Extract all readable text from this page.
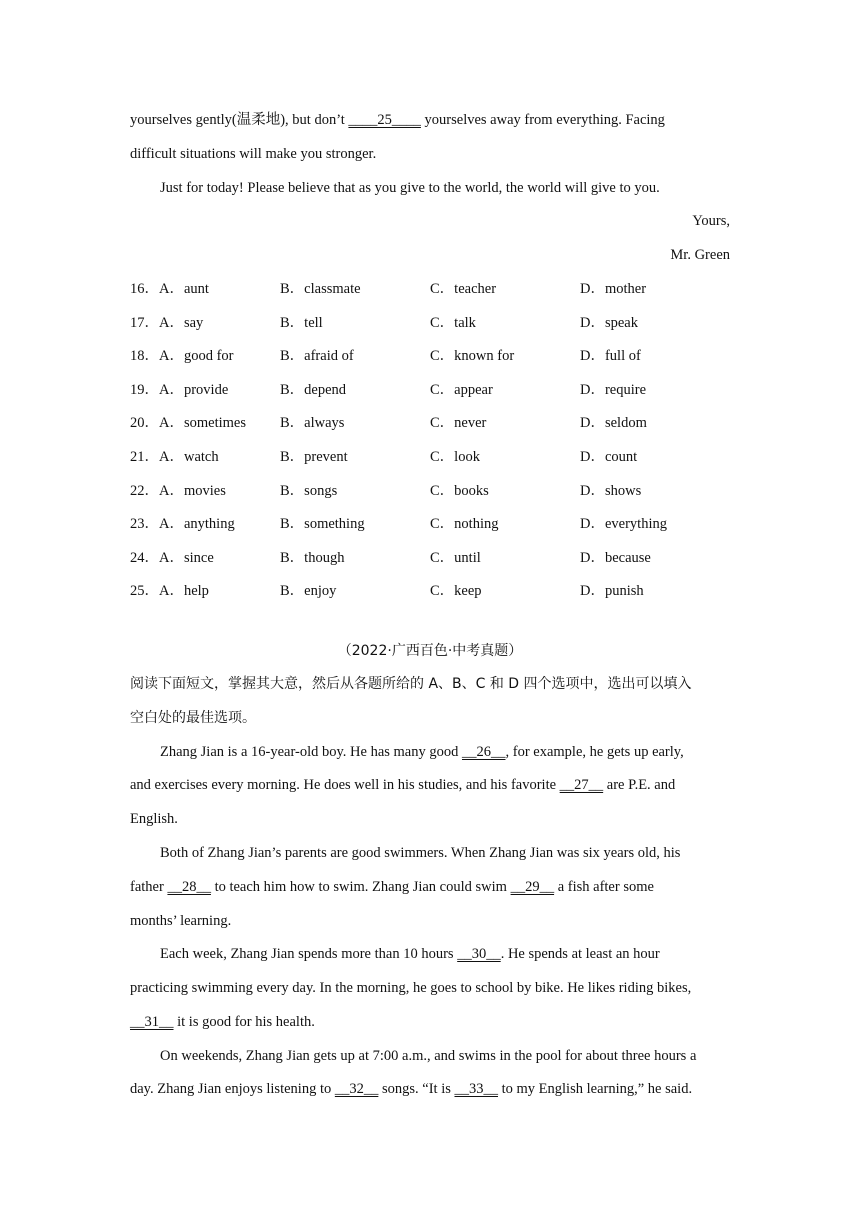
yourselves gently(温柔地), but don’t ____25____ yourselves away from everything. Facing
difficult situations will make you stronger.
Just for today! Please believe that as you give to the world, the world will give to you.
Yours,
Mr. Green
16．A．aunt	B．classmate	C．teacher	D．mother
17．A．say	B．tell	C．talk	D．speak
18．A．good for	B．afraid of	C．known for	D．full of
19．A．provide	B．depend	C．appear	D．require
20．A．sometimes	B．always	C．never	D．seldom
21．A．watch	B．prevent	C．look	D．count
22．A．movies	B．songs	C．books	D．shows
23．A．anything	B．something	C．nothing	D．everything
24．A．since	B．though	C．until	D．because
25．A．help	B．enjoy	C．keep	D．punish
（2022·广西百色·中考真题）
阅读下面短文，掌握其大意，然后从各题所给的 A、B、C 和 D 四个选项中，选出可以填入
空白处的最佳选项。
Zhang Jian is a 16-year-old boy. He has many good __26__, for example, he gets up early,
and exercises every morning. He does well in his studies, and his favorite __27__ are P.E. and
English.
Both of Zhang Jian’s parents are good swimmers. When Zhang Jian was six years old, his
father __28__ to teach him how to swim. Zhang Jian could swim __29__ a fish after some
months’ learning.
Each week, Zhang Jian spends more than 10 hours __30__. He spends at least an hour
practicing swimming every day. In the morning, he goes to school by bike. He likes riding bikes,
__31__ it is good for his health.
On weekends, Zhang Jian gets up at 7:00 a.m., and swims in the pool for about three hours a
day. Zhang Jian enjoys listening to __32__ songs. “It is __33__ to my English learning,” he said.
